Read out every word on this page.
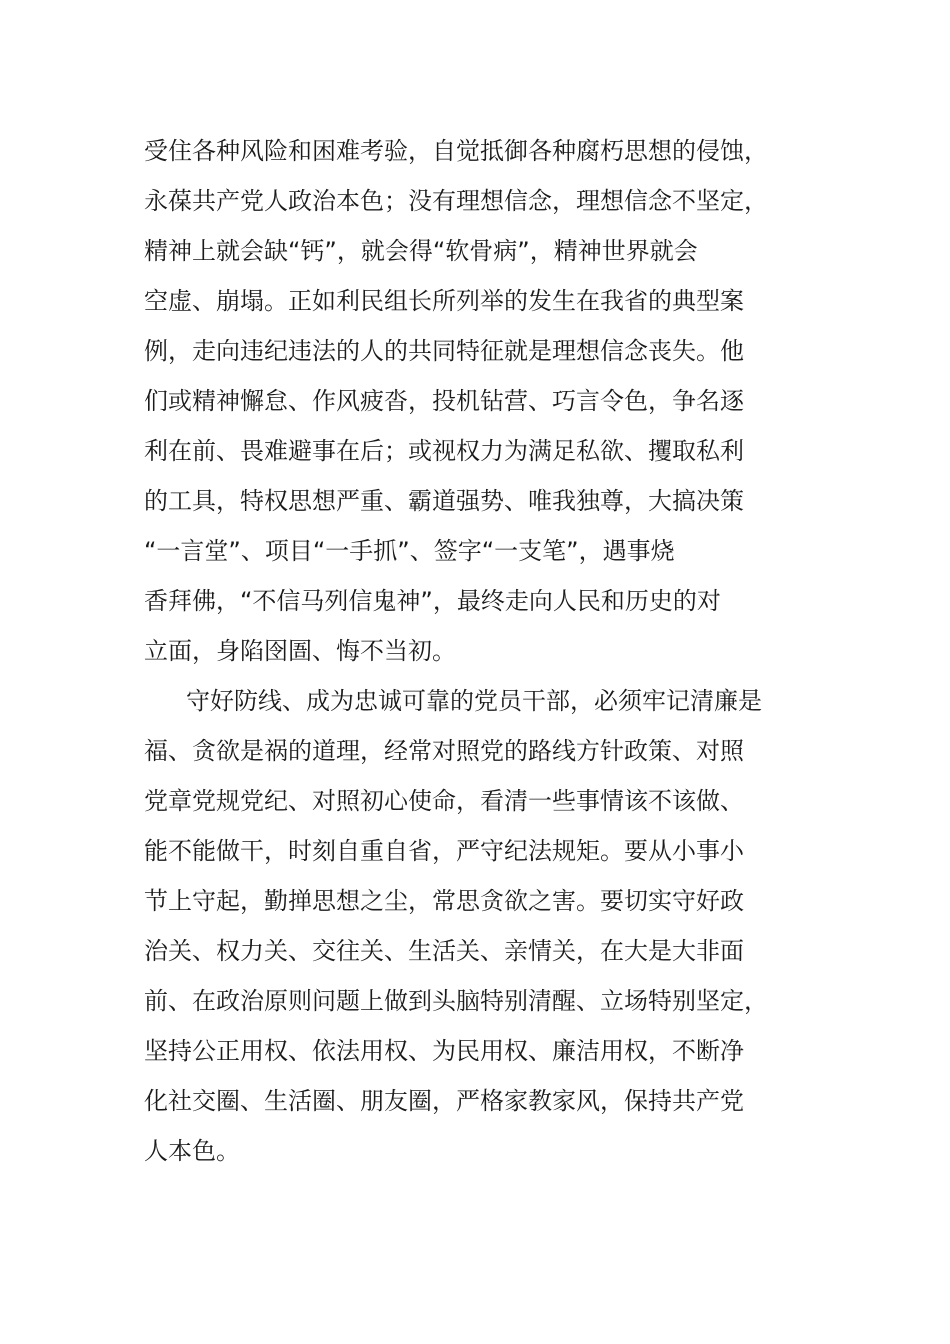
受住各种风险和困难考验，自觉抵御各种腐朽思想的侵蚀，
永葆共产党人政治本色；没有理想信念，理想信念不坚定，
精神上就会缺“钙”，就会得“软骨病”，精神世界就会
空虚、崩塌。正如利民组长所列举的发生在我省的典型案
例，走向违纪违法的人的共同特征就是理想信念丧失。他
们或精神懈怠、作风疲沓，投机钻营、巧言令色，争名逐
利在前、畏难避事在后；或视权力为满足私欲、攫取私利
的工具，特权思想严重、霸道强势、唯我独尊，大搞决策
“一言堂”、项目“一手抓”、签字“一支笔”，遇事烧
香拜佛，“不信马列信鬼神”，最终走向人民和历史的对
立面，身陷囹圄、悔不当初。
守好防线、成为忠诚可靠的党员干部，必须牢记清廉是
福、贪欲是祸的道理，经常对照党的路线方针政策、对照
党章党规党纪、对照初心使命，看清一些事情该不该做、
能不能做干，时刻自重自省，严守纪法规矩。要从小事小
节上守起，勤掸思想之尘，常思贪欲之害。要切实守好政
治关、权力关、交往关、生活关、亲情关，在大是大非面
前、在政治原则问题上做到头脑特别清醒、立场特别坚定，
坚持公正用权、依法用权、为民用权、廉洁用权，不断净
化社交圈、生活圈、朋友圈，严格家教家风，保持共产党
人本色。
